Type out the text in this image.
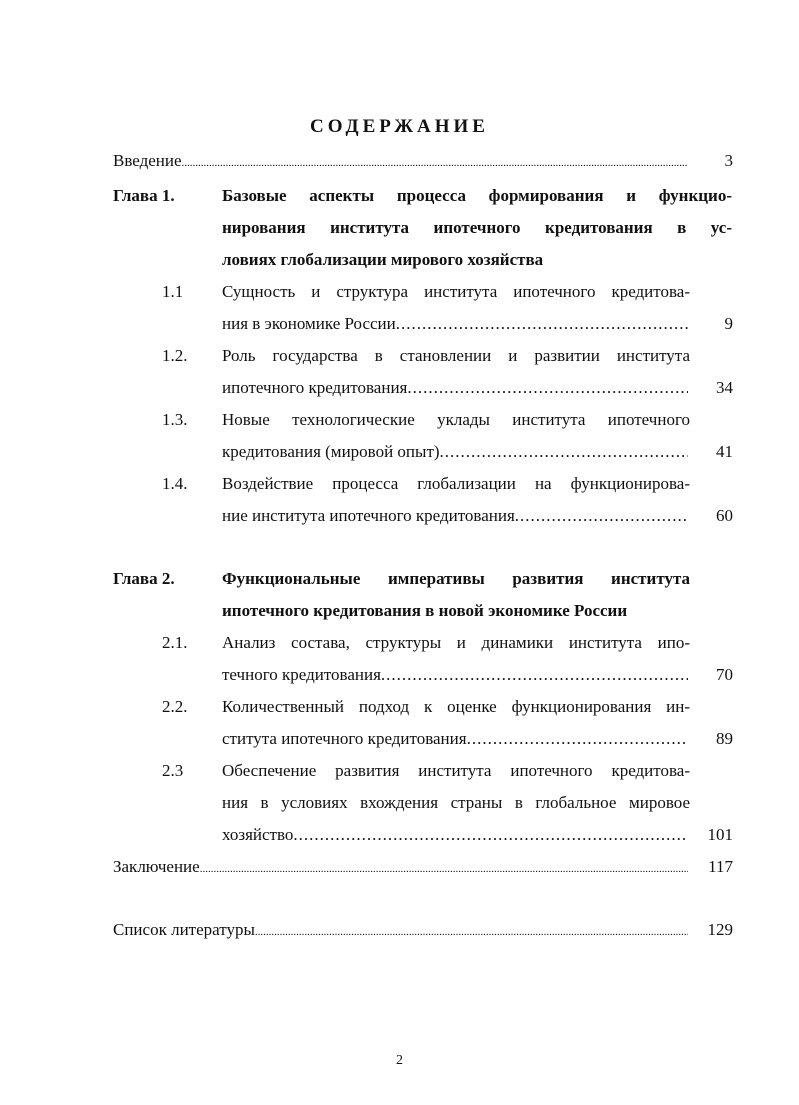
СОДЕРЖАНИЕ
Введение .....	3
Глава 1.	Базовые аспекты процесса формирования и функцио-
нирования института ипотечного кредитования в ус-
ловиях глобализации мирового хозяйства
1.1 Сущность и структура института ипотечного кредитова-
ния в экономике России .....	9
1.2. Роль государства в становлении и развитии института
ипотечного кредитования .....	34
1.3. Новые технологические уклады института ипотечного
кредитования (мировой опыт) .....	41
1.4. Воздействие процесса глобализации на функционирова-
ние института ипотечного кредитования .....	60
Глава 2.	Функциональные императивы развития института
ипотечного кредитования в новой экономике России
2.1. Анализ состава, структуры и динамики института ипо-
течного кредитования .....	70
2.2. Количественный подход к оценке функционирования ин-
ститута ипотечного кредитования .....	89
2.3 Обеспечение развития института ипотечного кредитова-
ния в условиях вхождения страны в глобальное мировое
хозяйство .....	101
Заключение .....	117
Список литературы .....	129
2
